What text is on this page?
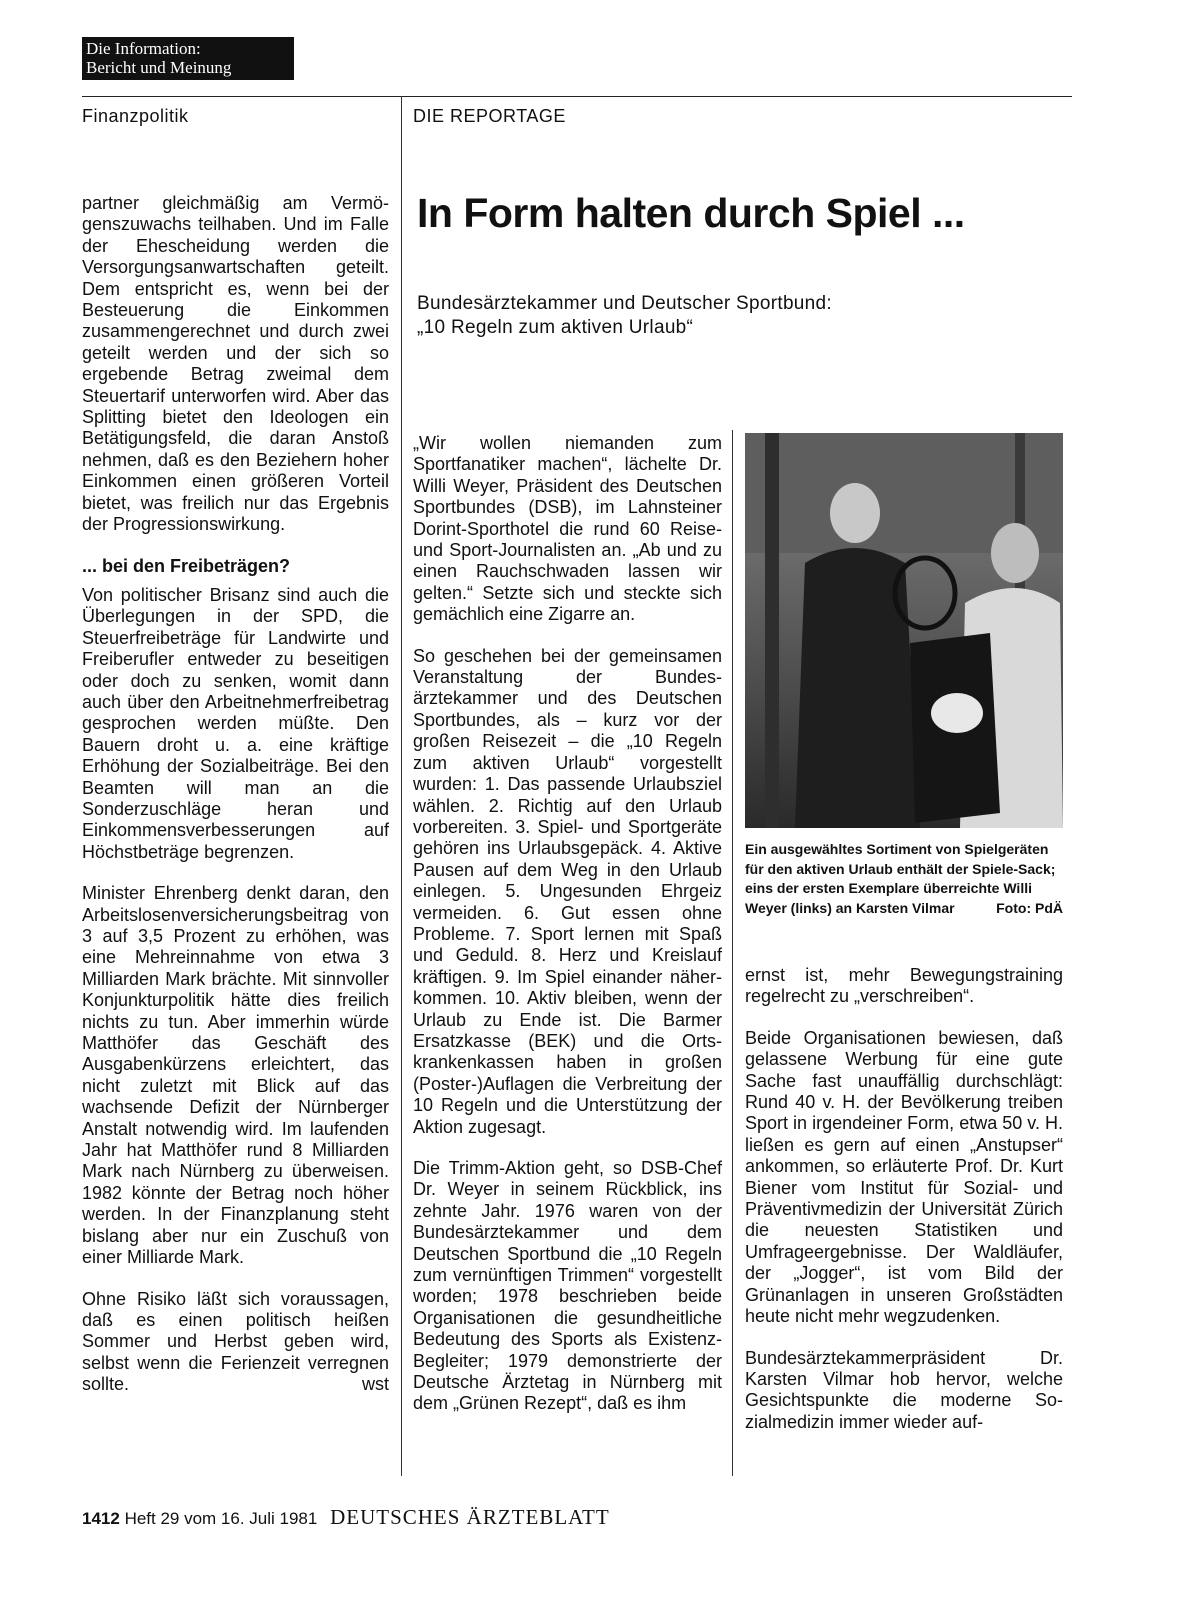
Die Information:
Bericht und Meinung
Finanzpolitik	DIE REPORTAGE

partner gleichmäßig am Vermögenszuwachs teilhaben. Und im Falle der Ehescheidung werden die Versorgungsanwartschaften geteilt. Dem entspricht es, wenn bei der Besteuerung die Einkommen zusammengerechnet und durch zwei geteilt werden und der sich so ergebende Betrag zweimal dem Steuertarif unterworfen wird. Aber das Splitting bietet den Ideologen ein Betätigungsfeld, die daran Anstoß nehmen, daß es den Beziehern hoher Einkommen einen größeren Vorteil bietet, was freilich nur das Ergebnis der Progressionswirkung.

... bei den Freibeträgen?

Von politischer Brisanz sind auch die Überlegungen in der SPD, die Steuerfreibeträge für Landwirte und Freiberufler entweder zu beseitigen oder doch zu senken, womit dann auch über den Arbeitnehmerfreibetrag gesprochen werden müßte. Den Bauern droht u. a. eine kräftige Erhöhung der Sozialbeiträge. Bei den Beamten will man an die Sonderzuschläge heran und Einkommensverbesserungen auf Höchstbeträge begrenzen.

Minister Ehrenberg denkt daran, den Arbeitslosenversicherungsbeitrag von 3 auf 3,5 Prozent zu erhöhen, was eine Mehreinnahme von etwa 3 Milliarden Mark brächte. Mit sinnvoller Konjunkturpolitik hätte dies freilich nichts zu tun. Aber immerhin würde Matthöfer das Geschäft des Ausgabenkürzens erleichtert, das nicht zuletzt mit Blick auf das wachsende Defizit der Nürnberger Anstalt notwendig wird. Im laufenden Jahr hat Matthöfer rund 8 Milliarden Mark nach Nürnberg zu überweisen. 1982 könnte der Betrag noch höher werden. In der Finanzplanung steht bislang aber nur ein Zuschuß von einer Milliarde Mark.

Ohne Risiko läßt sich voraussagen, daß es einen politisch heißen Sommer und Herbst geben wird, selbst wenn die Ferienzeit verregnen sollte.	wst

In Form halten durch Spiel ...
Bundesärztekammer und Deutscher Sportbund:
„10 Regeln zum aktiven Urlaub“

„Wir wollen niemanden zum Sportfanatiker machen“, lächelte Dr. Willi Weyer, Präsident des Deutschen Sportbundes (DSB), im Lahnsteiner Dorint-Sporthotel die rund 60 Reise- und Sport-Journalisten an. „Ab und zu einen Rauchschwaden lassen wir gelten.“ Setzte sich und steckte sich gemächlich eine Zigarre an.

So geschehen bei der gemeinsamen Veranstaltung der Bundesärztekammer und des Deutschen Sportbundes, als – kurz vor der großen Reisezeit – die „10 Regeln zum aktiven Urlaub“ vorgestellt wurden: 1. Das passende Urlaubsziel wählen. 2. Richtig auf den Urlaub vorbereiten. 3. Spiel- und Sportgeräte gehören ins Urlaubsgepäck. 4. Aktive Pausen auf dem Weg in den Urlaub einlegen. 5. Ungesunden Ehrgeiz vermeiden. 6. Gut essen ohne Probleme. 7. Sport lernen mit Spaß und Geduld. 8. Herz und Kreislauf kräftigen. 9. Im Spiel einander näherkommen. 10. Aktiv bleiben, wenn der Urlaub zu Ende ist. Die Barmer Ersatzkasse (BEK) und die Ortskrankenkassen haben in großen (Poster-)Auflagen die Verbreitung der 10 Regeln und die Unterstützung der Aktion zugesagt.

Die Trimm-Aktion geht, so DSB-Chef Dr. Weyer in seinem Rückblick, ins zehnte Jahr. 1976 waren von der Bundesärztekammer und dem Deutschen Sportbund die „10 Regeln zum vernünftigen Trimmen“ vorgestellt worden; 1978 beschrieben beide Organisationen die gesundheitliche Bedeutung des Sports als Existenz-Begleiter; 1979 demonstrierte der Deutsche Ärztetag in Nürnberg mit dem „Grünen Rezept“, daß es ihm

Ein ausgewähltes Sortiment von Spielgeräten für den aktiven Urlaub enthält der Spiele-Sack; eins der ersten Exemplare überreichte Willi Weyer (links) an Karsten Vilmar	Foto: PdÄ

ernst ist, mehr Bewegungstraining regelrecht zu „verschreiben“.

Beide Organisationen bewiesen, daß gelassene Werbung für eine gute Sache fast unauffällig durchschlägt: Rund 40 v. H. der Bevölkerung treiben Sport in irgendeiner Form, etwa 50 v. H. ließen es gern auf einen „Anstupser“ ankommen, so erläuterte Prof. Dr. Kurt Biener vom Institut für Sozial- und Präventivmedizin der Universität Zürich die neuesten Statistiken und Umfrageergebnisse. Der Waldläufer, der „Jogger“, ist vom Bild der Grünanlagen in unseren Großstädten heute nicht mehr wegzudenken.

Bundesärztekammerpräsident Dr. Karsten Vilmar hob hervor, welche Gesichtspunkte die moderne Sozialmedizin immer wieder auf-

1412 Heft 29 vom 16. Juli 1981 DEUTSCHES ÄRZTEBLATT
